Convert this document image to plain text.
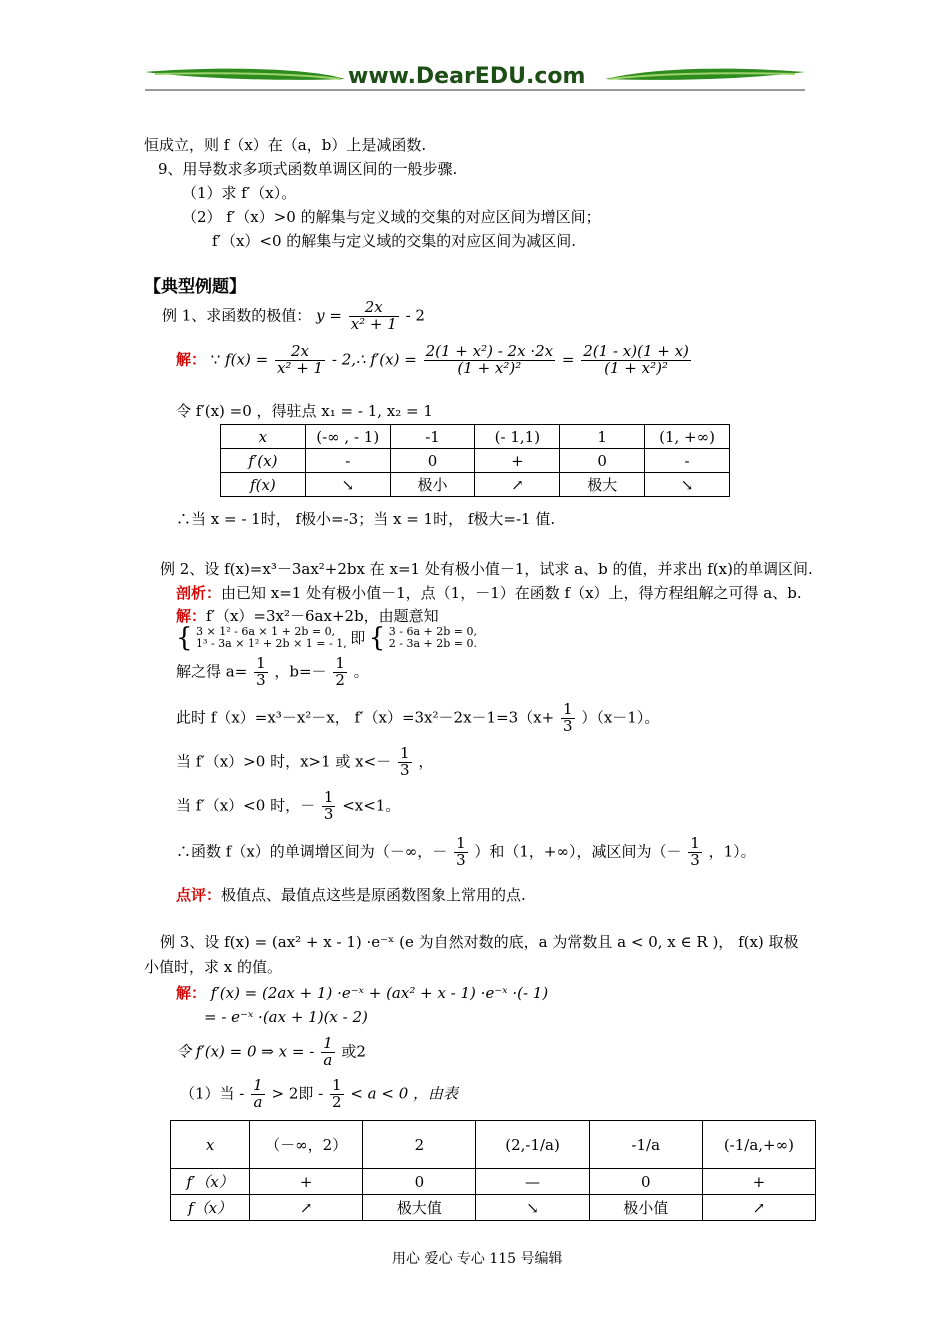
www.DearEDU.com
恒成立，则 f（x）在（a，b）上是减函数.
9、用导数求多项式函数单调区间的一般步骤.
（1）求 f′（x）。
（2） f′（x）>0 的解集与定义域的交集的对应区间为增区间；
f′（x）<0 的解集与定义域的交集的对应区间为减区间.
【典型例题】
例 1、求函数的极值： $y = \frac{2x}{\text{x² + 1}} - 2$
解： ∵ $f(x) = \frac{2x}{\text{x² + 1}}$ - 2,∴ $f'(x) = \frac{\text{2(1 + x²) - 2x ·2x}}{\text{(1 + x²)²}} = \frac{2(1 - x)(1 + x)}{\text{(1 + x²)²}}$
令 f′(x) =0 ，得驻点 x₁ = - 1, x₂ = 1
x	(-∞ , - 1)	-1	(- 1,1)	1	(1, +∞)
f′(x)	-	0	+	0	-
f(x)	↘	极小	↗	极大	↘
∴当 x = - 1时， f极小=-3；当 x = 1时， f极大=-1 值.
例 2、设 f(x)=x³－3ax²+2bx 在 x=1 处有极小值－1，试求 a、b 的值，并求出 f(x)的单调区间.
剖析：由已知 x=1 处有极小值－1，点（1，－1）在函数 f（x）上，得方程组解之可得 a、b.
解：f′（x）=3x²－6ax+2b，由题意知
{ 3 × 1² - 6a × 1 + 2b = 0,
1³ - 3a × 1² + 2b × 1 = - 1, 即 { 3 - 6a + 2b = 0,
2 - 3a + 2b = 0.
解之得 $a= \frac{1}{3}$ ，$b=- \frac{1}{2}$ 。
此时 f（x）=x³－x²－x， $f'(x)=3x^2-2x-1=3(x+ \frac{1}{3} )(x-1)$。
当 f′（x）>0 时，x>1 或 $x<- \frac{1}{3}$ ，
当 f′（x）<0 时，－ $\frac{1}{3} <x<1$。
∴函数 f（x）的单调增区间为（－∞，－ $\frac{1}{3}$ ）和（1，+∞），减区间为（－ $\frac{1}{3}$ ，1）。
点评：极值点、最值点这些是原函数图象上常用的点.
例 3、设 f(x) = (ax² + x - 1) ·e⁻ˣ (e 为自然对数的底，a 为常数且 a < 0, x ∈ R )， f(x) 取极
小值时，求 x 的值。
解： f′(x) = (2ax + 1) ·e⁻ˣ + (ax² + x - 1) ·e⁻ˣ ·(- 1)
= - e⁻ˣ ·(ax + 1)(x - 2)
令 f′(x) = 0 ⇒ x = - $\frac{1}{a}$ 或2
（1）当 - $\frac{1}{a} > 2$即 - $\frac{1}{2} < a < 0$ ，由表
x	（－∞，2）	2	(2,-1/a)	-1/a	(-1/a,+∞)
f′（x）	+	0	—	0	+
f（x）	↗	极大值	↘	极小值	↗
用心 爱心 专心 115 号编辑
